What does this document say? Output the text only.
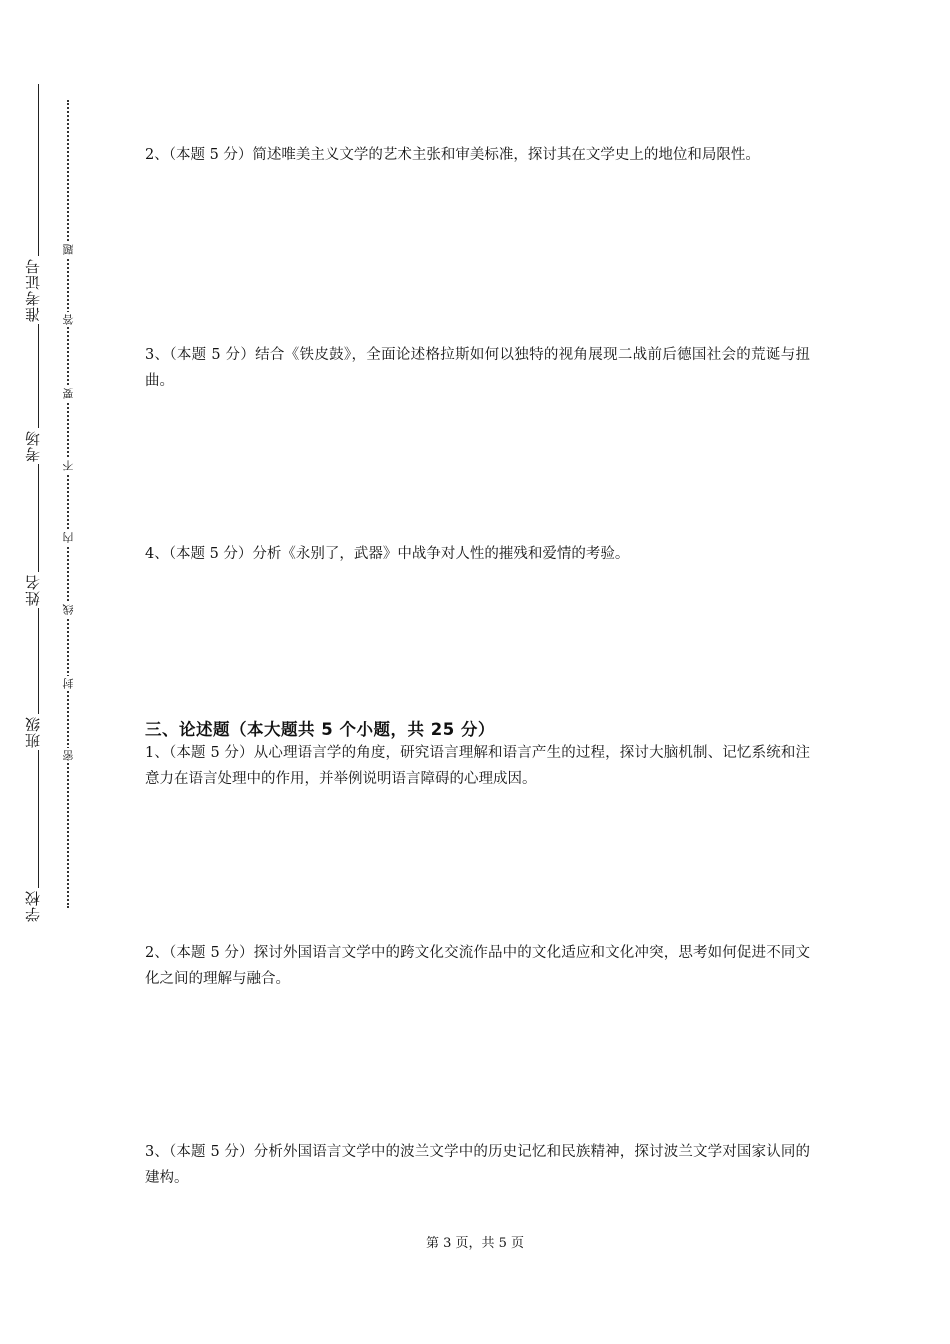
准考证号
考场
姓名
班级
学校
题
答
要
不
内
线
封
密
2、（本题 5 分）简述唯美主义文学的艺术主张和审美标准，探讨其在文学史上的地位和局限性。
3、（本题 5 分）结合《铁皮鼓》，全面论述格拉斯如何以独特的视角展现二战前后德国社会的荒诞与扭曲。
4、（本题 5 分）分析《永别了，武器》中战争对人性的摧残和爱情的考验。
三、论述题（本大题共 5 个小题，共 25 分）
1、（本题 5 分）从心理语言学的角度，研究语言理解和语言产生的过程，探讨大脑机制、记忆系统和注意力在语言处理中的作用，并举例说明语言障碍的心理成因。
2、（本题 5 分）探讨外国语言文学中的跨文化交流作品中的文化适应和文化冲突，思考如何促进不同文化之间的理解与融合。
3、（本题 5 分）分析外国语言文学中的波兰文学中的历史记忆和民族精神，探讨波兰文学对国家认同的建构。
第 3 页，共 5 页
